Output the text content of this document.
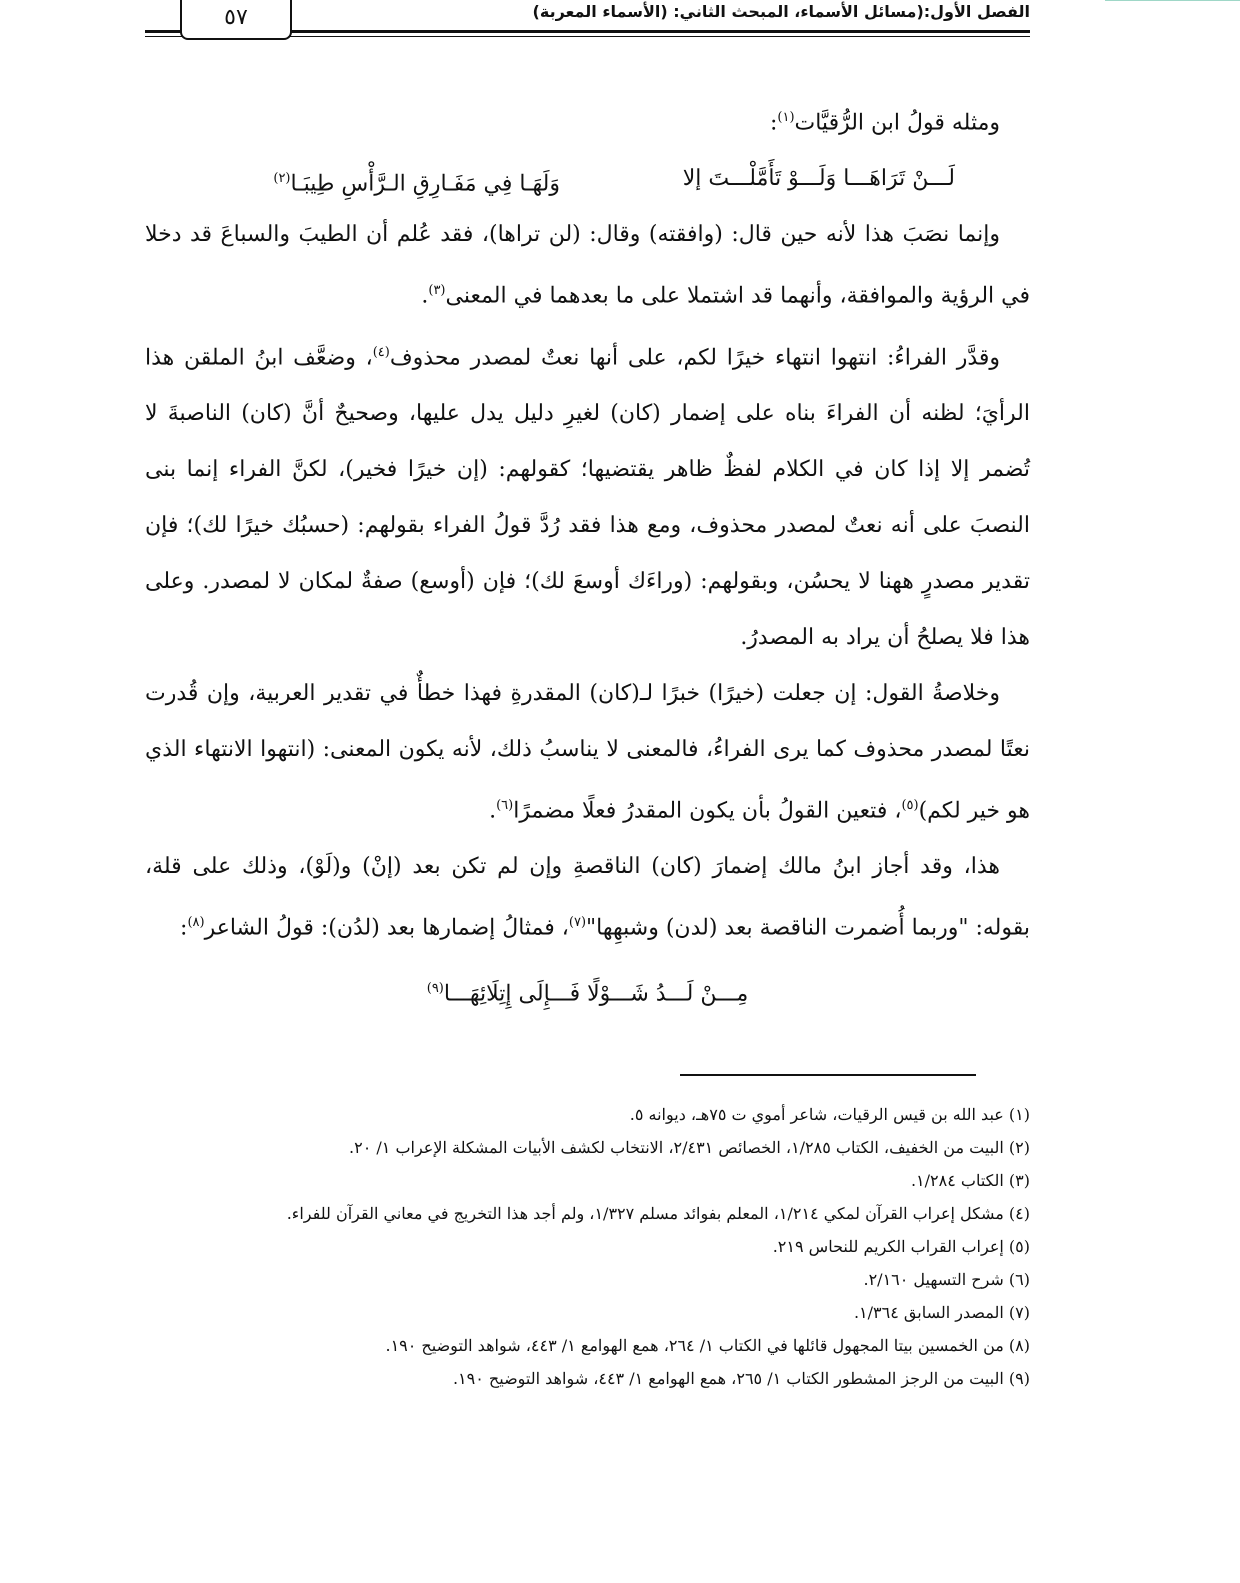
الفصل الأول:(مسائل الأسماء، المبحث الثاني: (الأسماء المعربة)
٥٧

ومثله قولُ ابن الرُّقيَّات$^{(١)}$:

لَـــنْ تَرَاهَـــا وَلَـــوْ تَأَمَّلْـــتَ إلا
وَلَهَـا فِي مَفَـارِقِ الـرَّأْسِ طِيبَـا$^{(٢)}$

وإنما نصَبَ هذا لأنه حين قال: (وافقته) وقال: (لن تراها)، فقد عُلم أن الطيبَ والسباعَ قد دخلا في الرؤية والموافقة، وأنهما قد اشتملا على ما بعدهما في المعنى$^{(٣)}$.

وقدَّر الفراءُ: انتهوا انتهاء خيرًا لكم، على أنها نعتٌ لمصدر محذوف$^{(٤)}$، وضعَّف ابنُ الملقن هذا الرأيَ؛ لظنه أن الفراءَ بناه على إضمار (كان) لغيرِ دليل يدل عليها، وصحيحٌ أنَّ (كان) الناصبةَ لا تُضمر إلا إذا كان في الكلام لفظٌ ظاهر يقتضيها؛ كقولهم: (إن خيرًا فخير)، لكنَّ الفراء إنما بنى النصبَ على أنه نعتٌ لمصدر محذوف، ومع هذا فقد رُدَّ قولُ الفراء بقولهم: (حسبُك خيرًا لك)؛ فإن تقدير مصدرٍ ههنا لا يحسُن، وبقولهم: (وراءَك أوسعَ لك)؛ فإن (أوسع) صفةٌ لمكان لا لمصدر. وعلى هذا فلا يصلحُ أن يراد به المصدرُ.

وخلاصةُ القول: إن جعلت (خيرًا) خبرًا لـ(كان) المقدرةِ فهذا خطأٌ في تقدير العربية، وإن قُدرت نعتًا لمصدر محذوف كما يرى الفراءُ، فالمعنى لا يناسبُ ذلك، لأنه يكون المعنى: (انتهوا الانتهاء الذي هو خير لكم)$^{(٥)}$، فتعين القولُ بأن يكون المقدرُ فعلًا مضمرًا$^{(٦)}$.

هذا، وقد أجاز ابنُ مالك إضمارَ (كان) الناقصةِ وإن لم تكن بعد (إنْ) و(لَوْ)، وذلك على قلة، بقوله: "وربما أُضمرت الناقصة بعد (لدن) وشبهِها"$^{(٧)}$، فمثالُ إضمارها بعد (لدُن): قولُ الشاعر$^{(٨)}$:

مِـــنْ لَـــدُ شَـــوْلًا فَـــإِلَى إِتِلَائِهَـــا$^{(٩)}$

(١) عبد الله بن قيس الرقيات، شاعر أموي ت ٧٥هـ، ديوانه ٥.

(٢) البيت من الخفيف، الكتاب ١/٢٨٥، الخصائص ٢/٤٣١، الانتخاب لكشف الأبيات المشكلة الإعراب ١/ ٢٠.

(٣) الكتاب ١/٢٨٤.

(٤) مشكل إعراب القرآن لمكي ١/٢١٤، المعلم بفوائد مسلم ١/٣٢٧، ولم أجد هذا التخريج في معاني القرآن للفراء.

(٥) إعراب القراب الكريم للنحاس ٢١٩.

(٦) شرح التسهيل ٢/١٦٠.

(٧) المصدر السابق ١/٣٦٤.

(٨) من الخمسين بيتا المجهول قائلها في الكتاب ١/ ٢٦٤، همع الهوامع ١/ ٤٤٣، شواهد التوضيح ١٩٠.

(٩) البيت من الرجز المشطور الكتاب ١/ ٢٦٥، همع الهوامع ١/ ٤٤٣، شواهد التوضيح ١٩٠.
